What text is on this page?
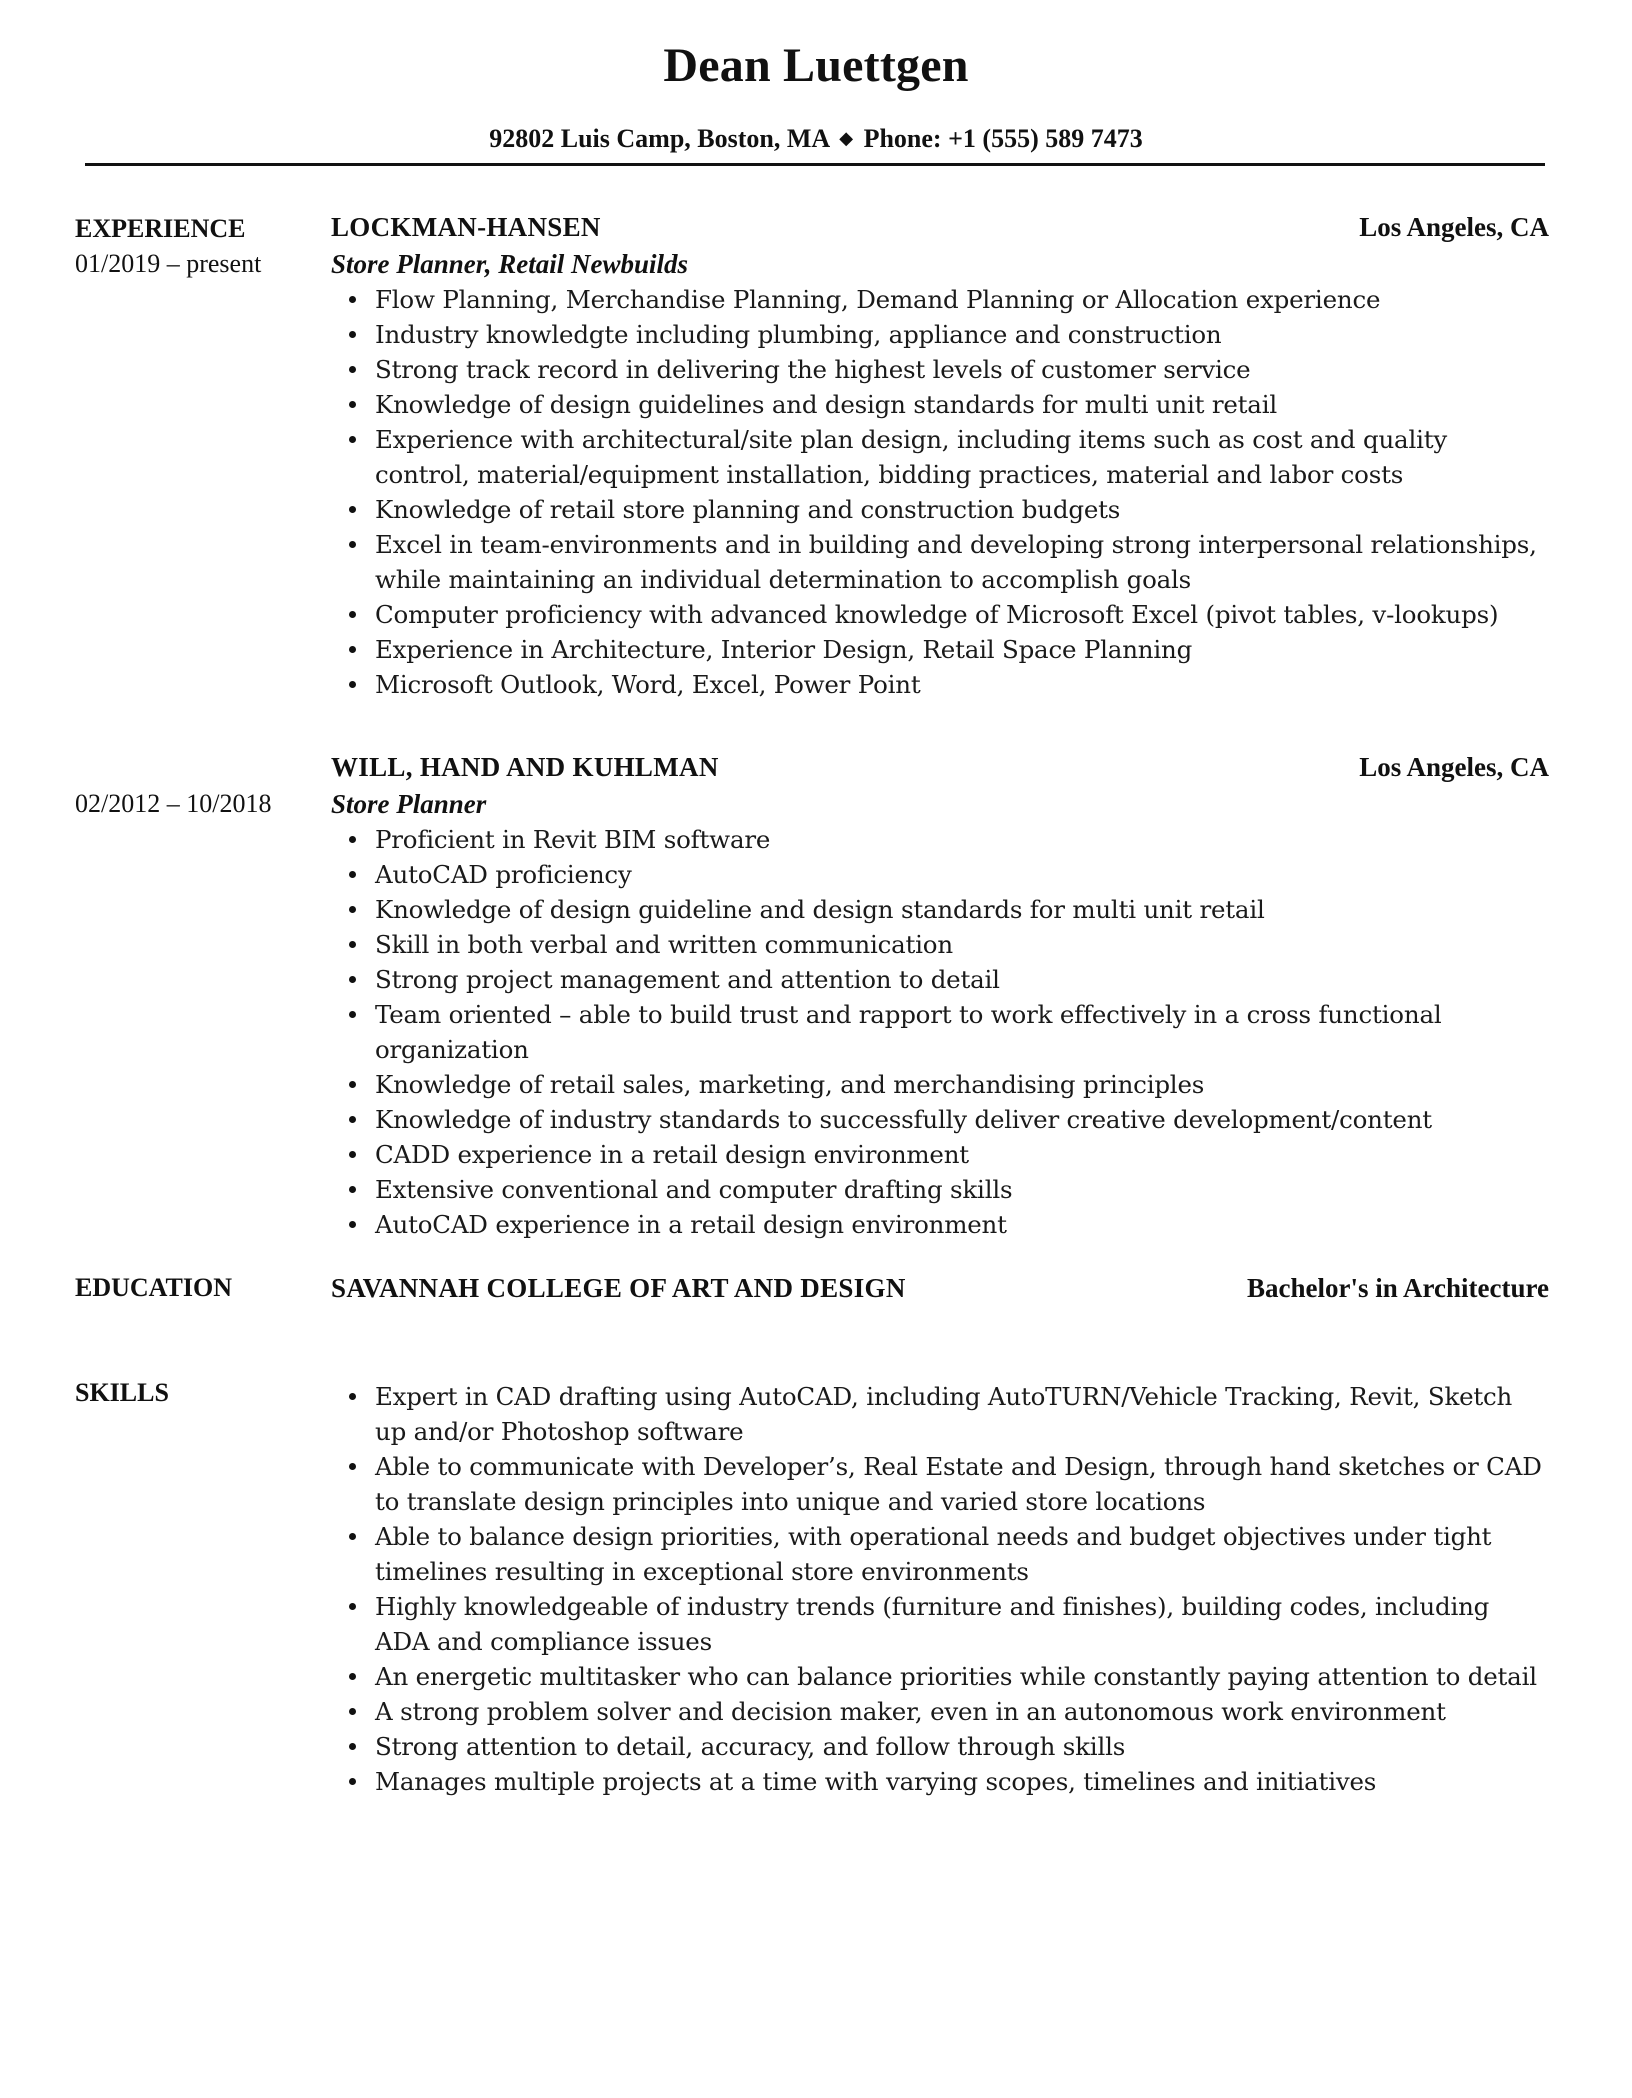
Dean Luettgen
92802 Luis Camp, Boston, MA ◆ Phone: +1 (555) 589 7473
EXPERIENCE
01/2019 – present
LOCKMAN-HANSEN	Los Angeles, CA
Store Planner, Retail Newbuilds
Flow Planning, Merchandise Planning, Demand Planning or Allocation experience
Industry knowledgte including plumbing, appliance and construction
Strong track record in delivering the highest levels of customer service
Knowledge of design guidelines and design standards for multi unit retail
Experience with architectural/site plan design, including items such as cost and quality control, material/equipment installation, bidding practices, material and labor costs
Knowledge of retail store planning and construction budgets
Excel in team-environments and in building and developing strong interpersonal relationships, while maintaining an individual determination to accomplish goals
Computer proficiency with advanced knowledge of Microsoft Excel (pivot tables, v-lookups)
Experience in Architecture, Interior Design, Retail Space Planning
Microsoft Outlook, Word, Excel, Power Point
02/2012 – 10/2018
WILL, HAND AND KUHLMAN	Los Angeles, CA
Store Planner
Proficient in Revit BIM software
AutoCAD proficiency
Knowledge of design guideline and design standards for multi unit retail
Skill in both verbal and written communication
Strong project management and attention to detail
Team oriented – able to build trust and rapport to work effectively in a cross functional organization
Knowledge of retail sales, marketing, and merchandising principles
Knowledge of industry standards to successfully deliver creative development/content
CADD experience in a retail design environment
Extensive conventional and computer drafting skills
AutoCAD experience in a retail design environment
EDUCATION	SAVANNAH COLLEGE OF ART AND DESIGN	Bachelor's in Architecture
SKILLS	Expert in CAD drafting using AutoCAD, including AutoTURN/Vehicle Tracking, Revit, Sketch up and/or Photoshop software
Able to communicate with Developer’s, Real Estate and Design, through hand sketches or CAD to translate design principles into unique and varied store locations
Able to balance design priorities, with operational needs and budget objectives under tight timelines resulting in exceptional store environments
Highly knowledgeable of industry trends (furniture and finishes), building codes, including ADA and compliance issues
An energetic multitasker who can balance priorities while constantly paying attention to detail
A strong problem solver and decision maker, even in an autonomous work environment
Strong attention to detail, accuracy, and follow through skills
Manages multiple projects at a time with varying scopes, timelines and initiatives
